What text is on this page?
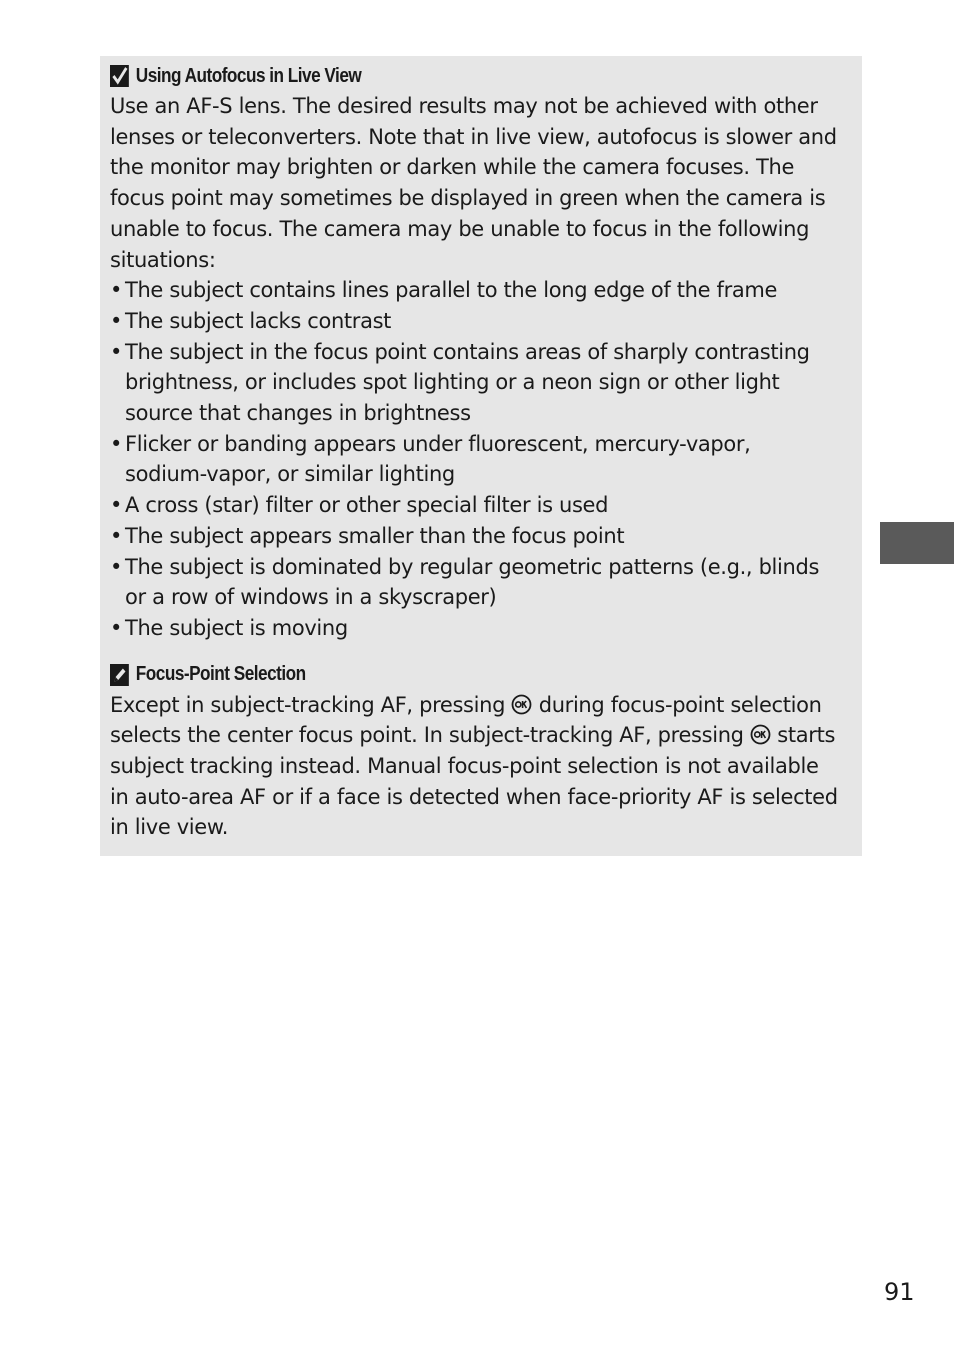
Using Autofocus in Live View

Use an AF-S lens. The desired results may not be achieved with other

lenses or teleconverters. Note that in live view, autofocus is slower and

the monitor may brighten or darken while the camera focuses. The

focus point may sometimes be displayed in green when the camera is

unable to focus. The camera may be unable to focus in the following

situations:

• The subject contains lines parallel to the long edge of the frame
• The subject lacks contrast
• The subject in the focus point contains areas of sharply contrasting
brightness, or includes spot lighting or a neon sign or other light
source that changes in brightness
• Flicker or banding appears under fluorescent, mercury-vapor,
sodium-vapor, or similar lighting
• A cross (star) filter or other special filter is used
• The subject appears smaller than the focus point
• The subject is dominated by regular geometric patterns (e.g., blinds
or a row of windows in a skyscraper)
• The subject is moving
Focus-Point Selection

Except in subject-tracking AF, pressing
during focus-point selection

selects the center focus point. In subject-tracking AF, pressing
starts

subject tracking instead. Manual focus-point selection is not available

in auto-area AF or if a face is detected when face-priority AF is selected

in live view.

91
